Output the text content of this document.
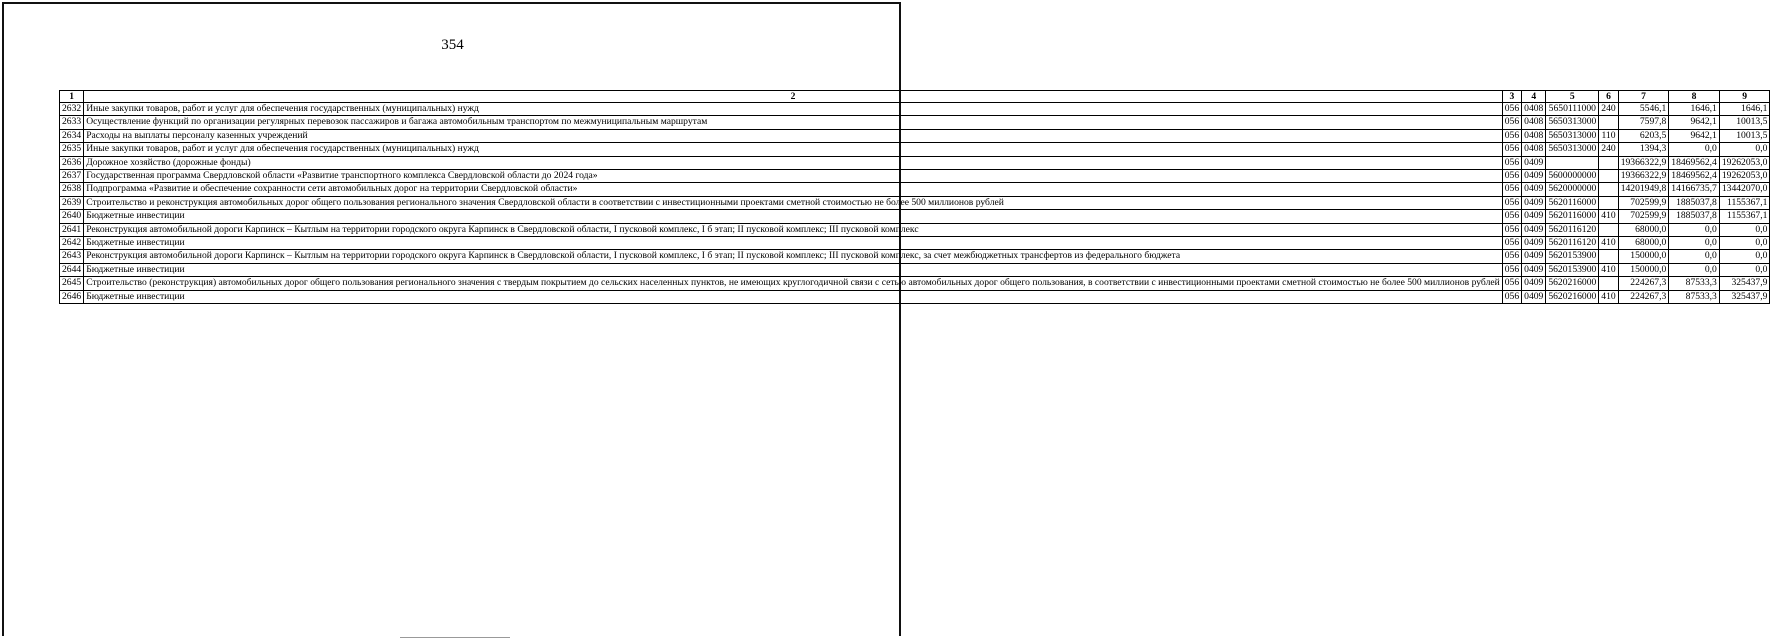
354
1	2	3	4	5	6	7	8	9
2632	Иные закупки товаров, работ и услуг для обеспечения государственных (муниципальных) нужд	056	0408	5650111000	240	5546,1	1646,1	1646,1
2633	Осуществление функций по организации регулярных перевозок пассажиров и багажа автомобильным транспортом по межмуниципальным маршрутам	056	0408	5650313000		7597,8	9642,1	10013,5
2634	Расходы на выплаты персоналу казенных учреждений	056	0408	5650313000	110	6203,5	9642,1	10013,5
2635	Иные закупки товаров, работ и услуг для обеспечения государственных (муниципальных) нужд	056	0408	5650313000	240	1394,3	0,0	0,0
2636	Дорожное хозяйство (дорожные фонды)	056	0409			19366322,9	18469562,4	19262053,0
2637	Государственная программа Свердловской области «Развитие транспортного комплекса Свердловской области до 2024 года»	056	0409	5600000000		19366322,9	18469562,4	19262053,0
2638	Подпрограмма «Развитие и обеспечение сохранности сети автомобильных дорог на территории Свердловской области»	056	0409	5620000000		14201949,8	14166735,7	13442070,0
2639	Строительство и реконструкция автомобильных дорог общего пользования регионального значения Свердловской области в соответствии с инвестиционными проектами сметной стоимостью не более 500 миллионов рублей	056	0409	5620116000		702599,9	1885037,8	1155367,1
2640	Бюджетные инвестиции	056	0409	5620116000	410	702599,9	1885037,8	1155367,1
2641	Реконструкция автомобильной дороги Карпинск – Кытлым на территории городского округа Карпинск в Свердловской области, I пусковой комплекс, I б этап; II пусковой комплекс; III пусковой комплекс	056	0409	5620116120		68000,0	0,0	0,0
2642	Бюджетные инвестиции	056	0409	5620116120	410	68000,0	0,0	0,0
2643	Реконструкция автомобильной дороги Карпинск – Кытлым на территории городского округа Карпинск в Свердловской области, I пусковой комплекс, I б этап; II пусковой комплекс; III пусковой комплекс, за счет межбюджетных трансфертов из федерального бюджета	056	0409	5620153900		150000,0	0,0	0,0
2644	Бюджетные инвестиции	056	0409	5620153900	410	150000,0	0,0	0,0
2645	Строительство (реконструкция) автомобильных дорог общего пользования регионального значения с твердым покрытием до сельских населенных пунктов, не имеющих круглогодичной связи с сетью автомобильных дорог общего пользования, в соответствии с инвестиционными проектами сметной стоимостью не более 500 миллионов рублей	056	0409	5620216000		224267,3	87533,3	325437,9
2646	Бюджетные инвестиции	056	0409	5620216000	410	224267,3	87533,3	325437,9
